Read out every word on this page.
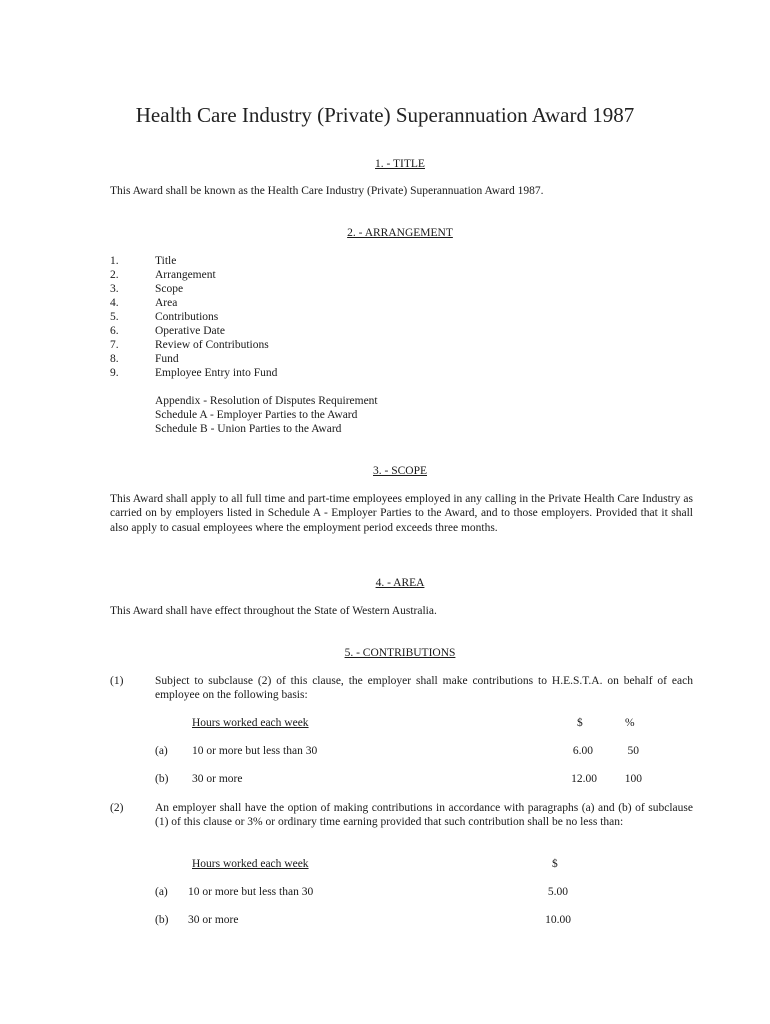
Health Care Industry (Private) Superannuation Award 1987
1. - TITLE
This Award shall be known as the Health Care Industry (Private) Superannuation Award 1987.
2. - ARRANGEMENT
1.	Title
2.	Arrangement
3.	Scope
4.	Area
5.	Contributions
6.	Operative Date
7.	Review of Contributions
8.	Fund
9.	Employee Entry into Fund
Appendix - Resolution of Disputes Requirement
Schedule A - Employer Parties to the Award
Schedule B - Union Parties to the Award
3. - SCOPE
This Award shall apply to all full time and part-time employees employed in any calling in the Private Health Care Industry as carried on by employers listed in Schedule A - Employer Parties to the Award, and to those employers. Provided that it shall also apply to casual employees where the employment period exceeds three months.
4. - AREA
This Award shall have effect throughout the State of Western Australia.
5. - CONTRIBUTIONS
(1)	Subject to subclause (2) of this clause, the employer shall make contributions to H.E.S.T.A. on behalf of each employee on the following basis:
Hours worked each week	$	%
(a) 10 or more but less than 30	6.00	50
(b) 30 or more	12.00	100
(2)	An employer shall have the option of making contributions in accordance with paragraphs (a) and (b) of subclause (1) of this clause or 3% or ordinary time earning provided that such contribution shall be no less than:
Hours worked each week	$
(a) 10 or more but less than 30	5.00
(b) 30 or more	10.00
